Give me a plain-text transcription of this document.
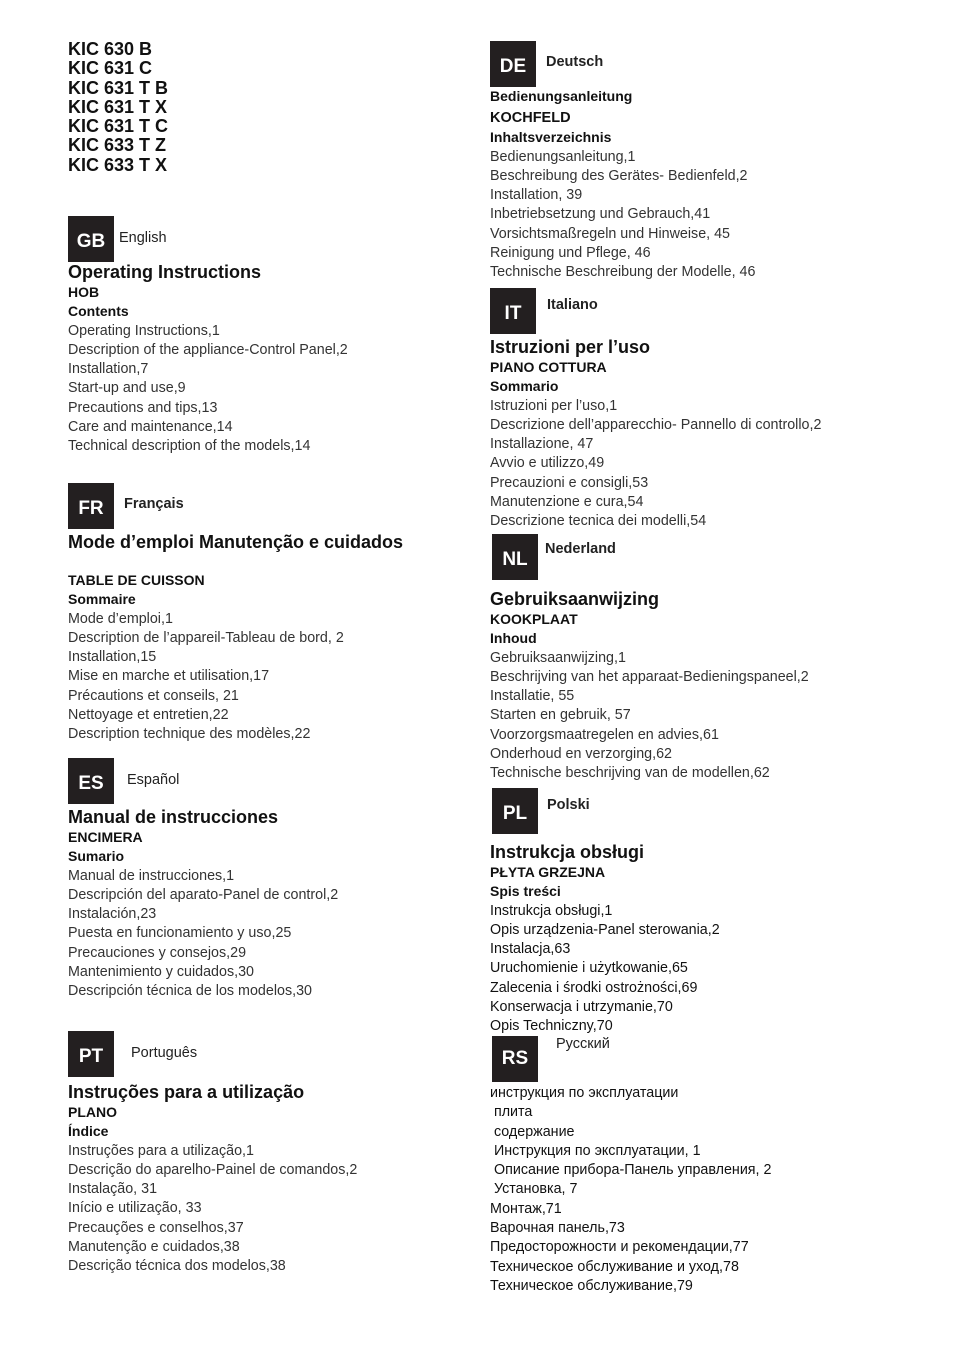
KIC 630 B
KIC 631 C
KIC 631 T B
KIC 631 T X
KIC 631 T C
KIC 633 T Z
KIC 633 T X
GB English
Operating Instructions
HOB
Contents
Operating Instructions,1
Description of the appliance-Control Panel,2
Installation,7
Start-up and use,9
Precautions and tips,13
Care and maintenance,14
Technical description of the models,14
FR	Français
Mode d’emploi Manutenção e cuidados
TABLE DE CUISSON
Sommaire
Mode d’emploi,1
Description de l’appareil-Tableau de bord, 2
Installation,15
Mise en marche et utilisation,17
Précautions et conseils, 21
Nettoyage et entretien,22
Description technique des modèles,22
ES	Español
Manual de instrucciones
ENCIMERA
Sumario
Manual de instrucciones,1
Descripción del aparato-Panel de control,2
Instalación,23
Puesta en funcionamiento y uso,25
Precauciones y consejos,29
Mantenimiento y cuidados,30
Descripción técnica de los modelos,30
PT	Português
Instruções para a utilização
PLANO
Índice
Instruções para a utilização,1
Descrição do aparelho-Painel de comandos,2
Instalação, 31
Início e utilização, 33
Precauções e conselhos,37
Manutenção e cuidados,38
Descrição técnica dos modelos,38
DE	Deutsch
Bedienungsanleitung
KOCHFELD
Inhaltsverzeichnis
Bedienungsanleitung,1
Beschreibung des Gerätes- Bedienfeld,2
Installation, 39
Inbetriebsetzung und Gebrauch,41
Vorsichtsmaßregeln und Hinweise, 45
Reinigung und Pflege, 46
Technische Beschreibung der Modelle, 46
IT	Italiano
Istruzioni per l’uso
PIANO COTTURA
Sommario
Istruzioni per l’uso,1
Descrizione dell’apparecchio- Pannello di controllo,2
Installazione, 47
Avvio e utilizzo,49
Precauzioni e consigli,53
Manutenzione e cura,54
Descrizione tecnica dei modelli,54
NL	Nederland
Gebruiksaanwijzing
KOOKPLAAT
Inhoud
Gebruiksaanwijzing,1
Beschrijving van het apparaat-Bedieningspaneel,2
Installatie, 55
Starten en gebruik, 57
Voorzorgsmaatregelen en advies,61
Onderhoud en verzorging,62
Technische beschrijving van de modellen,62
PL	Polski
Instrukcja obsługi
PŁYTA GRZEJNA
Spis treści
Instrukcja obsługi,1
Opis urządzenia-Panel sterowania,2
Instalacja,63
Uruchomienie i użytkowanie,65
Zalecenia i środki ostrożności,69
Konserwacja i utrzymanie,70
Opis Techniczny,70
RS
Русский
инструкция по эксплуатации
плита
содержание
Инструкция по эксплуатации, 1
Описание прибора-Панель управления, 2
Установка, 7
Монтаж,71
Варочная панель,73
Предосторожности и рекомендации,77
Техническое обслуживание и уход,78
Техническое обслуживание,79
